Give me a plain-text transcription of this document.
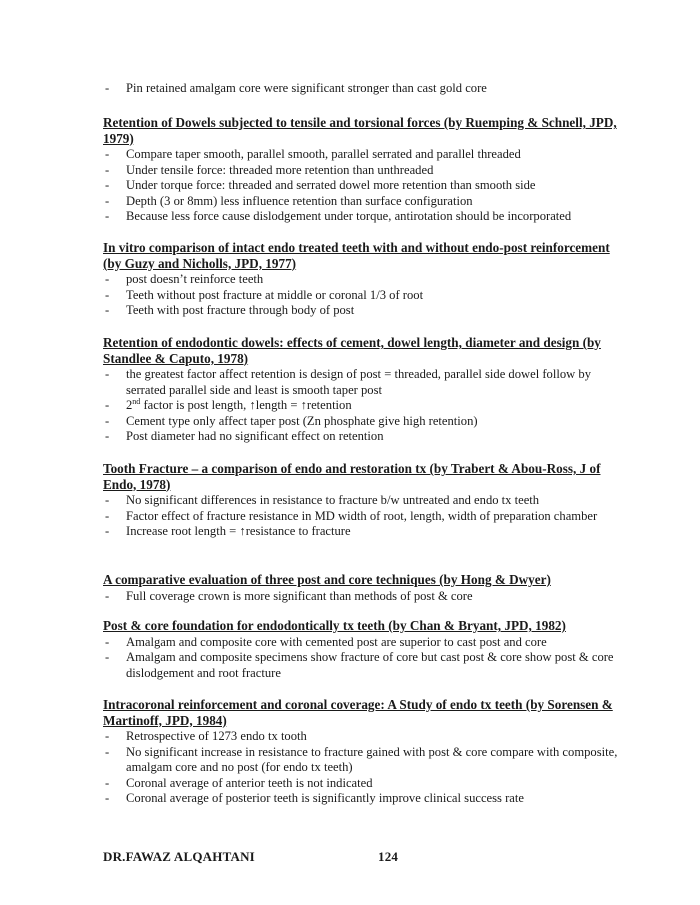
- Pin retained amalgam core were significant stronger than cast gold core
Retention of Dowels subjected to tensile and torsional forces (by Ruemping & Schnell, JPD, 1979)
- Compare taper smooth, parallel smooth, parallel serrated and parallel threaded
- Under tensile force: threaded more retention than unthreaded
- Under torque force: threaded and serrated dowel more retention than smooth side
- Depth (3 or 8mm) less influence retention than surface configuration
- Because less force cause dislodgement under torque, antirotation should be incorporated
In vitro comparison of intact endo treated teeth with and without endo-post reinforcement (by Guzy and Nicholls, JPD, 1977)
- post doesn’t reinforce teeth
- Teeth without post fracture at middle or coronal 1/3 of root
- Teeth with post fracture through body of post
Retention of endodontic dowels: effects of cement, dowel length, diameter and design (by Standlee & Caputo, 1978)
- the greatest factor affect retention is design of post = threaded, parallel side dowel follow by serrated parallel side and least is smooth taper post
- 2nd factor is post length, ↑length = ↑retention
- Cement type only affect taper post (Zn phosphate give high retention)
- Post diameter had no significant effect on retention
Tooth Fracture – a comparison of endo and restoration tx (by Trabert & Abou-Ross, J of Endo, 1978)
- No significant differences in resistance to fracture b/w untreated and endo tx teeth
- Factor effect of fracture resistance in MD width of root, length, width of preparation chamber
- Increase root length = ↑resistance to fracture
A comparative evaluation of three post and core techniques (by Hong & Dwyer)
- Full coverage crown is more significant than methods of post & core
Post & core foundation for endodontically tx teeth (by Chan & Bryant, JPD, 1982)
- Amalgam and composite core with cemented post are superior to cast post and core
- Amalgam and composite specimens show fracture of core but cast post & core show post & core dislodgement and root fracture
Intracoronal reinforcement and coronal coverage: A Study of endo tx teeth (by Sorensen & Martinoff, JPD, 1984)
- Retrospective of 1273 endo tx tooth
- No significant increase in resistance to fracture gained with post & core compare with composite, amalgam core and no post (for endo tx teeth)
- Coronal average of anterior teeth is not indicated
- Coronal average of posterior teeth is significantly improve clinical success rate
DR.FAWAZ ALQAHTANI	124
